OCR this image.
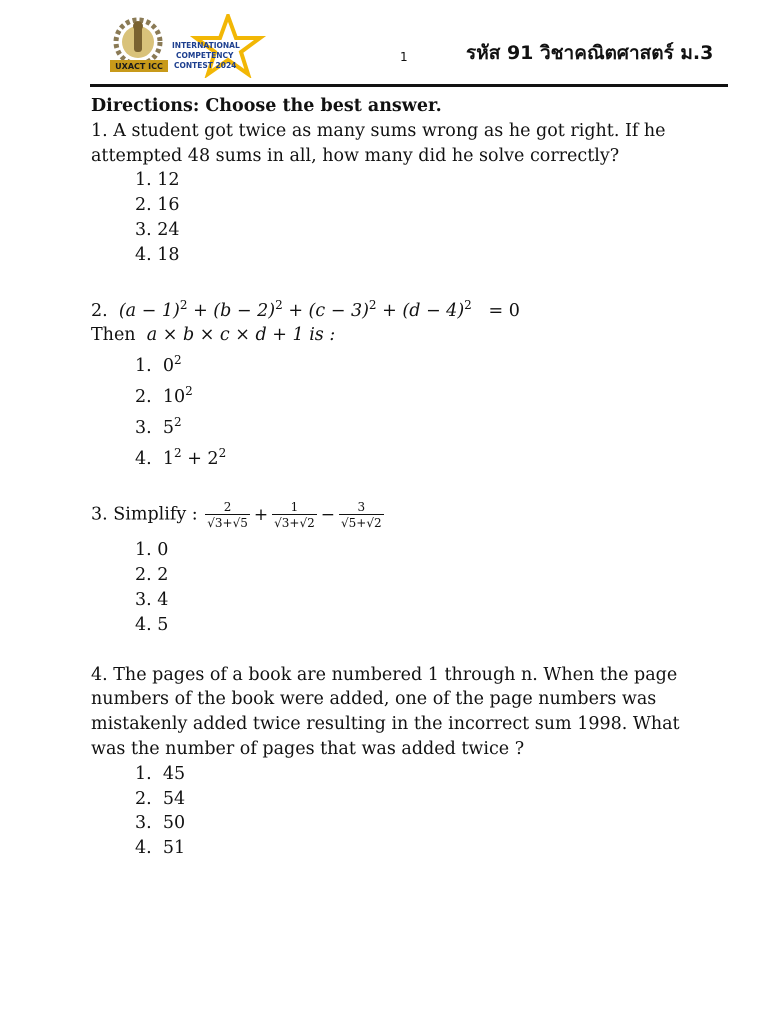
UXACT ICC
INTERNATIONAL
COMPETENCY
CONTEST 2024
1	รหัส 91 วิชาคณิตศาสตร์ ม.3

Directions: Choose the best answer.

1. A student got twice as many sums wrong as he got right. If he attempted 48 sums in all, how many did he solve correctly?

1. 12
2. 16
3. 24
4. 18

2. $(a - 1)^2 + (b - 2)^2 + (c - 3)^2 + (d - 4)^2 = 0$

Then a × b × c × d + 1 is :

1. $0^2$
2. $10^2$
3. $5^2$
4. $1^2 + 2^2$

3. Simplify : $\frac{2}{√3+√5} + \frac{1}{√3+√2} - \frac{3}{√5+√2}$

1. 0
2. 2
3. 4
4. 5

4. The pages of a book are numbered 1 through n. When the page numbers of the book were added, one of the page numbers was mistakenly added twice resulting in the incorrect sum 1998. What was the number of pages that was added twice ?

1.  45
2.  54
3.  50
4.  51
